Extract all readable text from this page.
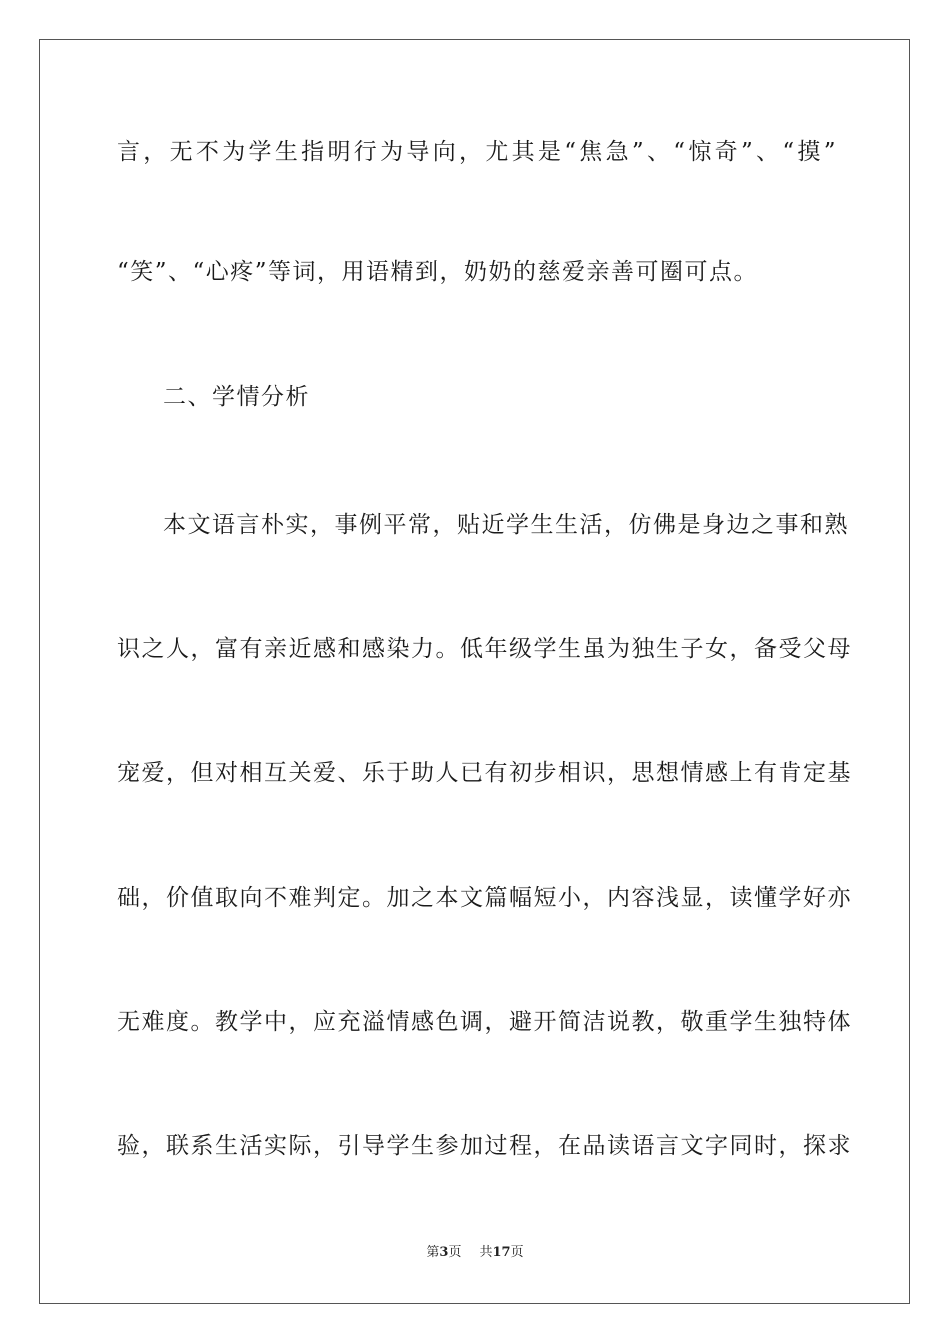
言，无不为学生指明行为导向，尤其是“焦急”、“惊奇”、“摸”
“笑”、“心疼”等词，用语精到，奶奶的慈爱亲善可圈可点。
二、学情分析
本文语言朴实，事例平常，贴近学生生活，仿佛是身边之事和熟
识之人，富有亲近感和感染力。低年级学生虽为独生子女，备受父母
宠爱，但对相互关爱、乐于助人已有初步相识，思想情感上有肯定基
础，价值取向不难判定。加之本文篇幅短小，内容浅显，读懂学好亦
无难度。教学中，应充溢情感色调，避开简洁说教，敬重学生独特体
验，联系生活实际，引导学生参加过程，在品读语言文字同时，探求
第3页 共17页
